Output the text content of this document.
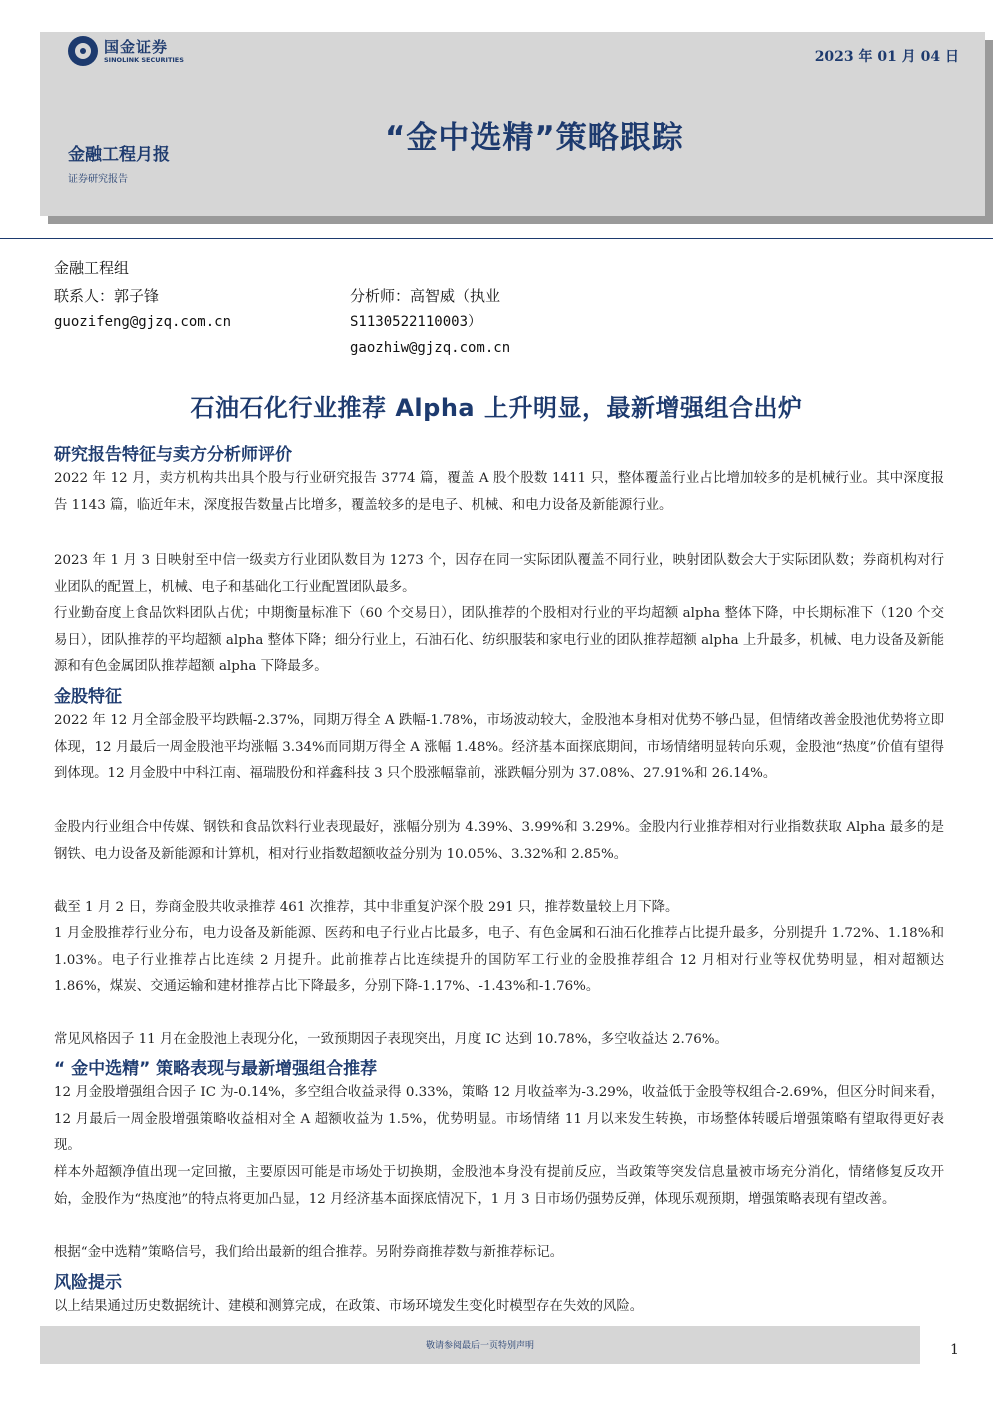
国金证券
SINOLINK SECURITIES	2023 年 01 月 04 日
“金中选精”策略跟踪
金融工程月报
证券研究报告
金融工程组
联系人：郭子锋
guozifeng@gjzq.com.cn
分析师：高智威（执业
S1130522110003）
gaozhiw@gjzq.com.cn
石油石化行业推荐 Alpha 上升明显，最新增强组合出炉
研究报告特征与卖方分析师评价
2022 年 12 月，卖方机构共出具个股与行业研究报告 3774 篇，覆盖 A 股个股数 1411 只，整体覆盖行业占比增加较多的是机械行业。其中深度报告 1143 篇，临近年末，深度报告数量占比增多，覆盖较多的是电子、机械、和电力设备及新能源行业。
2023 年 1 月 3 日映射至中信一级卖方行业团队数目为 1273 个，因存在同一实际团队覆盖不同行业，映射团队数会大于实际团队数；券商机构对行业团队的配置上，机械、电子和基础化工行业配置团队最多。
行业勤奋度上食品饮料团队占优；中期衡量标准下（60 个交易日），团队推荐的个股相对行业的平均超额 alpha 整体下降，中长期标准下（120 个交易日），团队推荐的平均超额 alpha 整体下降；细分行业上，石油石化、纺织服装和家电行业的团队推荐超额 alpha 上升最多，机械、电力设备及新能源和有色金属团队推荐超额 alpha 下降最多。
金股特征
2022 年 12 月全部金股平均跌幅-2.37%，同期万得全 A 跌幅-1.78%，市场波动较大，金股池本身相对优势不够凸显，但情绪改善金股池优势将立即体现，12 月最后一周金股池平均涨幅 3.34%而同期万得全 A 涨幅 1.48%。经济基本面探底期间，市场情绪明显转向乐观，金股池“热度”价值有望得到体现。12 月金股中中科江南、福瑞股份和祥鑫科技 3 只个股涨幅靠前，涨跌幅分别为 37.08%、27.91%和 26.14%。
金股内行业组合中传媒、钢铁和食品饮料行业表现最好，涨幅分别为 4.39%、3.99%和 3.29%。金股内行业推荐相对行业指数获取 Alpha 最多的是钢铁、电力设备及新能源和计算机，相对行业指数超额收益分别为 10.05%、3.32%和 2.85%。
截至 1 月 2 日，券商金股共收录推荐 461 次推荐，其中非重复沪深个股 291 只，推荐数量较上月下降。
1 月金股推荐行业分布，电力设备及新能源、医药和电子行业占比最多，电子、有色金属和石油石化推荐占比提升最多，分别提升 1.72%、1.18%和 1.03%。电子行业推荐占比连续 2 月提升。此前推荐占比连续提升的国防军工行业的金股推荐组合 12 月相对行业等权优势明显，相对超额达 1.86%，煤炭、交通运输和建材推荐占比下降最多，分别下降-1.17%、-1.43%和-1.76%。
常见风格因子 11 月在金股池上表现分化，一致预期因子表现突出，月度 IC 达到 10.78%，多空收益达 2.76%。
“ 金中选精” 策略表现与最新增强组合推荐
12 月金股增强组合因子 IC 为-0.14%，多空组合收益录得 0.33%，策略 12 月收益率为-3.29%，收益低于金股等权组合-2.69%，但区分时间来看，12 月最后一周金股增强策略收益相对全 A 超额收益为 1.5%，优势明显。市场情绪 11 月以来发生转换，市场整体转暖后增强策略有望取得更好表现。
样本外超额净值出现一定回撤，主要原因可能是市场处于切换期，金股池本身没有提前反应，当政策等突发信息量被市场充分消化，情绪修复反攻开始，金股作为“热度池”的特点将更加凸显，12 月经济基本面探底情况下，1 月 3 日市场仍强势反弹，体现乐观预期，增强策略表现有望改善。
根据“金中选精”策略信号，我们给出最新的组合推荐。另附券商推荐数与新推荐标记。
风险提示
以上结果通过历史数据统计、建模和测算完成，在政策、市场环境发生变化时模型存在失效的风险。
敬请参阅最后一页特别声明	1
